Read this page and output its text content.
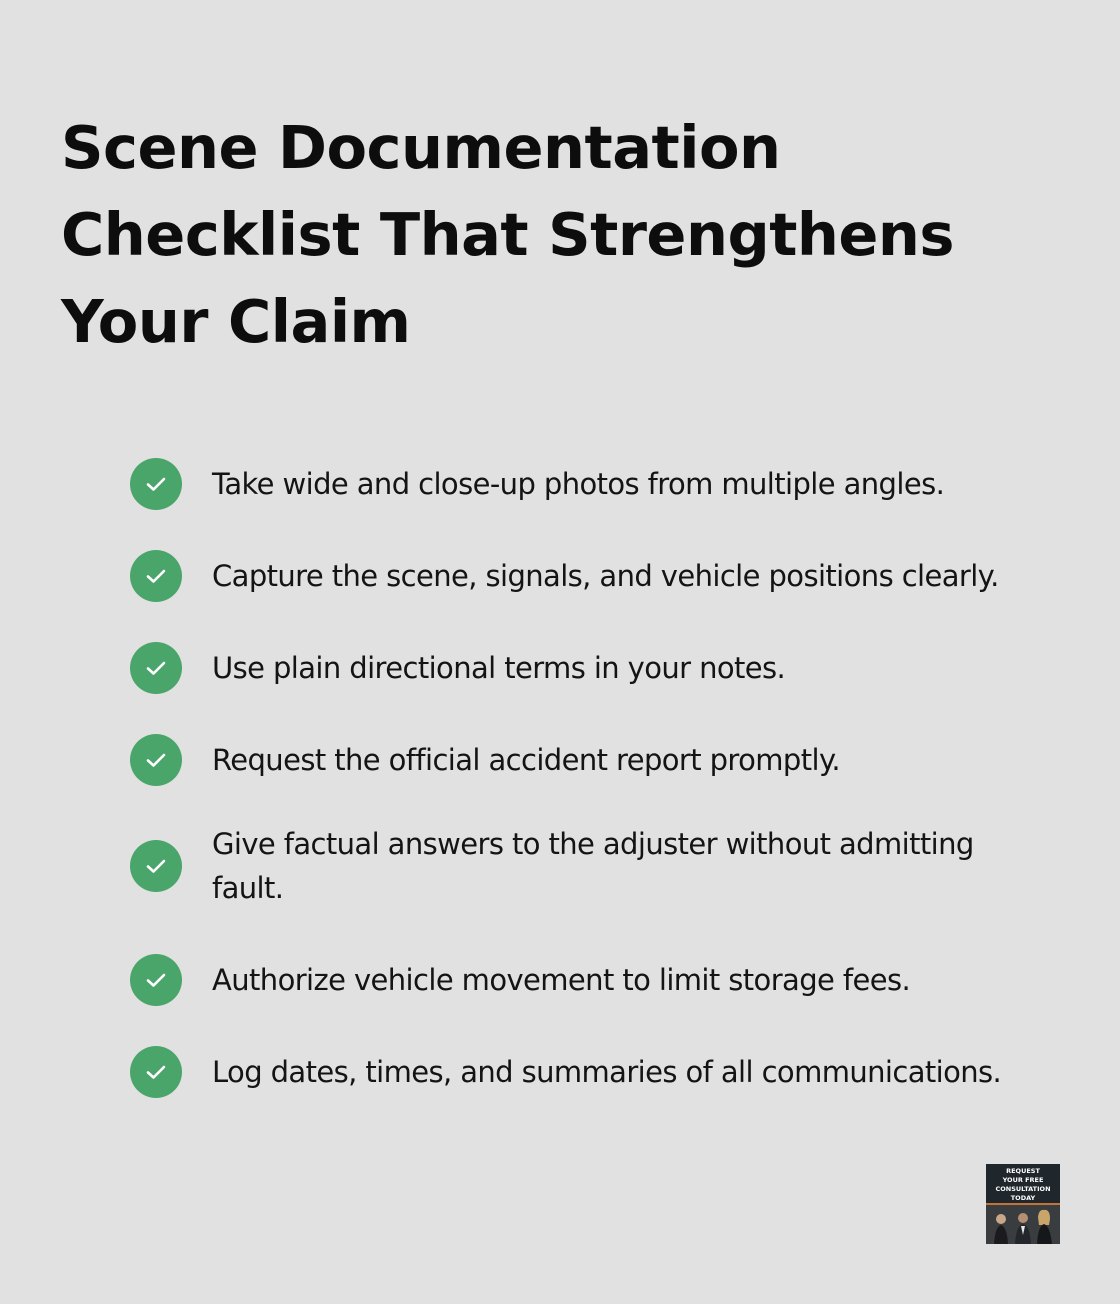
Scene Documentation Checklist That Strengthens Your Claim
Take wide and close-up photos from multiple angles.
Capture the scene, signals, and vehicle positions clearly.
Use plain directional terms in your notes.
Request the official accident report promptly.
Give factual answers to the adjuster without admitting fault.
Authorize vehicle movement to limit storage fees.
Log dates, times, and summaries of all communications.
REQUEST
YOUR FREE
CONSULTATION
TODAY
